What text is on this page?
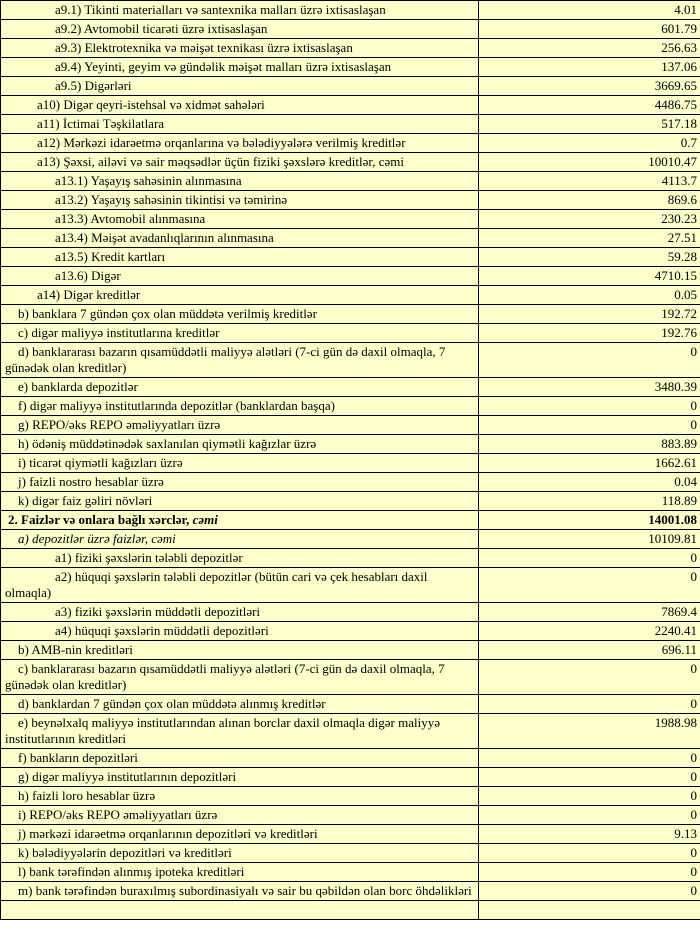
a9.1) Tikinti materialları və santexnika malları üzrə ixtisaslaşan	4.01
a9.2) Avtomobil ticarəti üzrə ixtisaslaşan	601.79
a9.3) Elektrotexnika və məişət texnikası üzrə ixtisaslaşan	256.63
a9.4) Yeyinti, geyim və gündəlik məişət malları üzrə ixtisaslaşan	137.06
a9.5) Digərləri	3669.65
a10) Digər qeyri-istehsal və xidmət sahələri	4486.75
a11) İctimai Təşkilatlara	517.18
a12) Mərkəzi idarəetmə orqanlarına və bələdiyyələrə verilmiş kreditlər	0.7
a13) Şəxsi, ailəvi və sair məqsədlər üçün fiziki şəxslərə kreditlər, cəmi	10010.47
a13.1) Yaşayış sahəsinin alınmasına	4113.7
a13.2) Yaşayış sahəsinin tikintisi və təmirinə	869.6
a13.3) Avtomobil alınmasına	230.23
a13.4) Məişət avadanlıqlarının alınmasına	27.51
a13.5) Kredit kartları	59.28
a13.6) Digər	4710.15
a14) Digər kreditlər	0.05
b) banklara 7 gündən çox olan müddətə verilmiş kreditlər	192.72
c) digər maliyyə institutlarına kreditlər	192.76
d) banklararası bazarın qısamüddətli maliyyə alətləri (7-ci gün də daxil olmaqla, 7 günədək olan kreditlər)	0
e) banklarda depozitlər	3480.39
f) digər maliyyə institutlarında depozitlər (banklardan başqa)	0
g) REPO/əks REPO əməliyyatları üzrə	0
h) ödəniş müddətinədək saxlanılan qiymətli kağızlar üzrə	883.89
i) ticarət qiymətli kağızları üzrə	1662.61
j) faizli nostro hesablar üzrə	0.04
k) digər faiz gəliri növləri	118.89
2. Faizlər və onlara bağlı xərclər, cəmi	14001.08
a) depozitlər üzrə faizlər, cəmi	10109.81
a1) fiziki şəxslərin tələbli depozitlər	0
a2) hüquqi şəxslərin tələbli depozitlər (bütün cari və çek hesabları daxil olmaqla)	0
a3) fiziki şəxslərin müddətli depozitləri	7869.4
a4) hüquqi şəxslərin müddətli depozitləri	2240.41
b) AMB-nin kreditləri	696.11
c) banklararası bazarın qısamüddətli maliyyə alətləri (7-ci gün də daxil olmaqla, 7 günədək olan kreditlər)	0
d) banklardan 7 gündən çox olan müddətə alınmış kreditlər	0
e) beynəlxalq maliyyə institutlarından alınan borclar daxil olmaqla digər maliyyə institutlarının kreditləri	1988.98
f) bankların depozitləri	0
g) digər maliyyə institutlarının depozitləri	0
h) faizli loro hesablar üzrə	0
i) REPO/əks REPO əməliyyatları üzrə	0
j) mərkəzi idarəetmə orqanlarının depozitləri və kreditləri	9.13
k) bələdiyyələrin depozitləri və kreditləri	0
l) bank tərəfindən alınmış ipoteka kreditləri	0
m) bank tərəfindən buraxılmış subordinasiyalı və sair bu qəbildən olan borc öhdəlikləri	0
